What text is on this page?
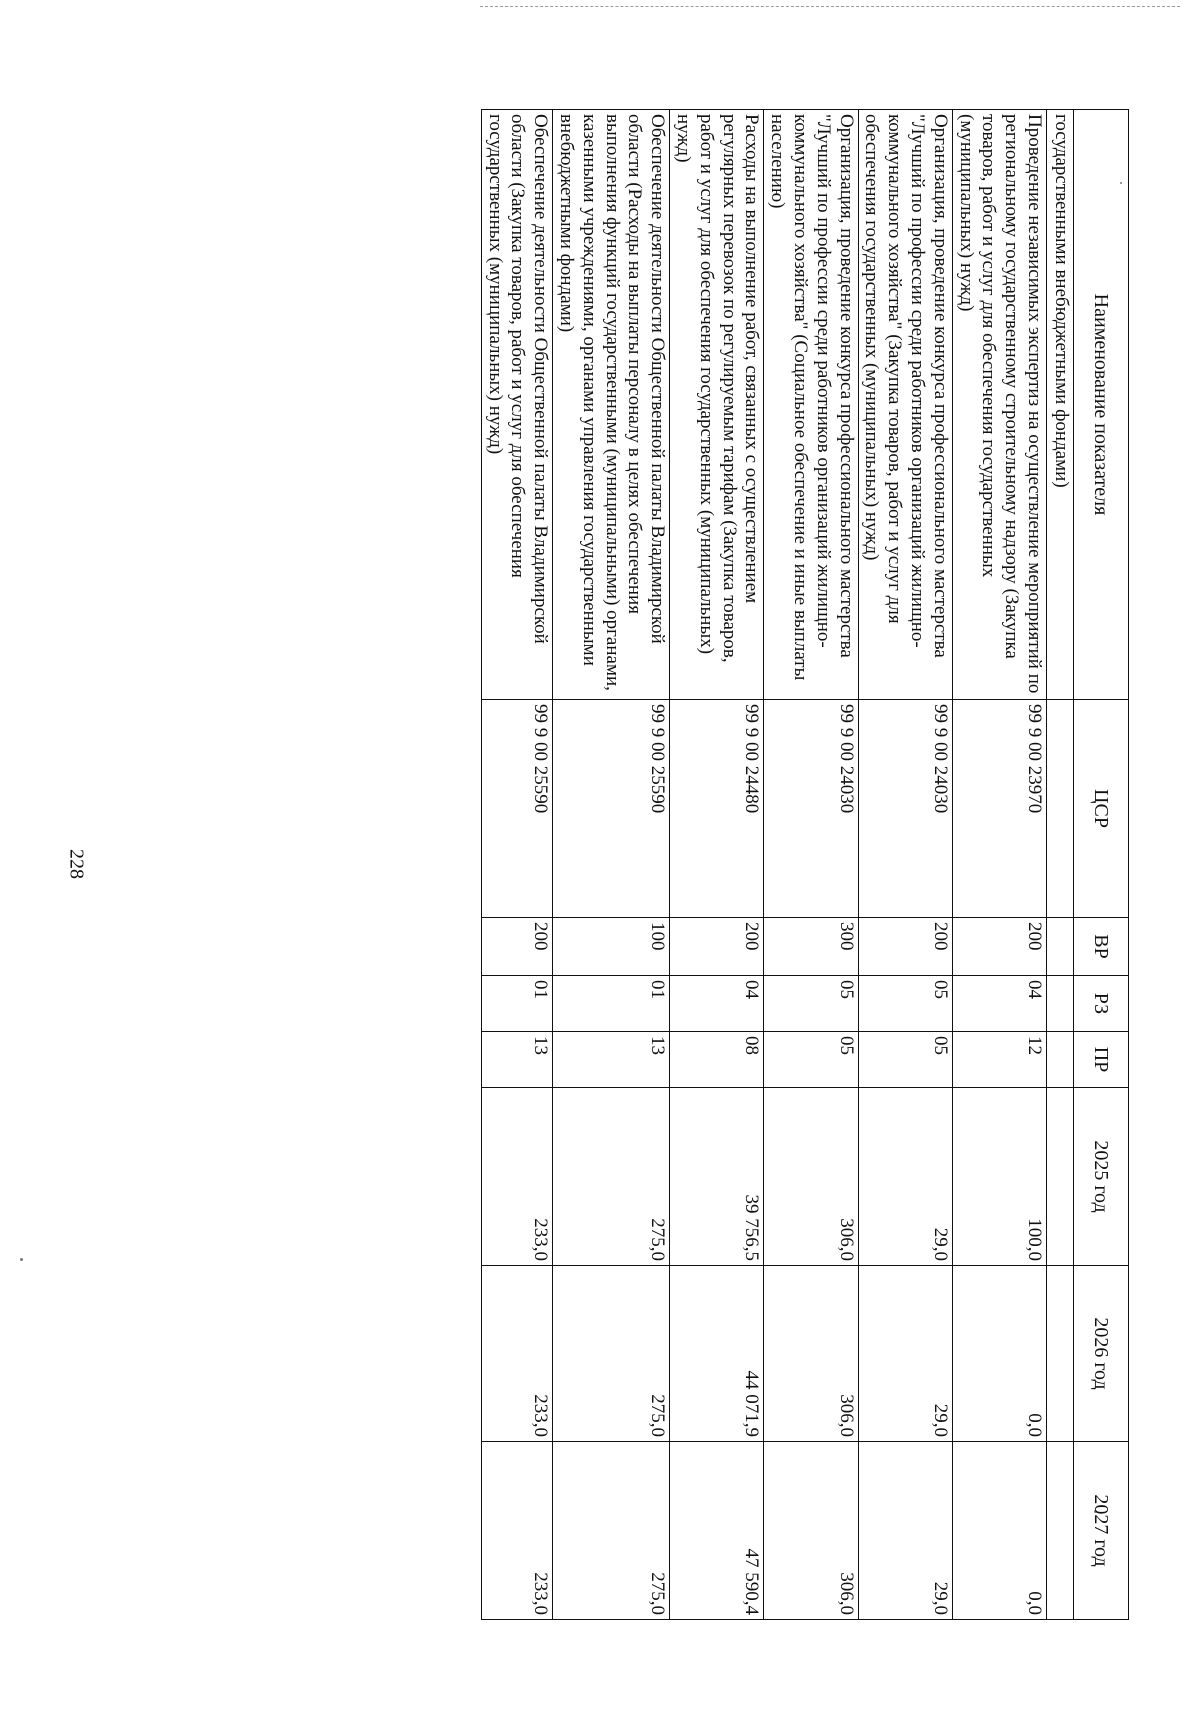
228
Наименование показателя	ЦСР	ВР	РЗ	ПР	2025 год	2026 год	2027 год
государственными внебюджетными фондами)							
Проведение независимых экспертиз на осуществление мероприятий по региональному государственному строительному надзору (Закупка товаров, работ и услуг для обеспечения государственных (муниципальных) нужд)	99 9 00 23970	200	04	12	100,0	0,0	0,0
Организация, проведение конкурса профессионального мастерства "Лучший по профессии среди работников организаций жилищно-коммунального хозяйства" (Закупка товаров, работ и услуг для обеспечения государственных (муниципальных) нужд)	99 9 00 24030	200	05	05	29,0	29,0	29,0
Организация, проведение конкурса профессионального мастерства "Лучший по профессии среди работников организаций жилищно-коммунального хозяйства" (Социальное обеспечение и иные выплаты населению)	99 9 00 24030	300	05	05	306,0	306,0	306,0
Расходы на выполнение работ, связанных с осуществлением регулярных перевозок по регулируемым тарифам (Закупка товаров, работ и услуг для обеспечения государственных (муниципальных) нужд)	99 9 00 24480	200	04	08	39 756,5	44 071,9	47 590,4
Обеспечение деятельности Общественной палаты Владимирской области (Расходы на выплаты персоналу в целях обеспечения выполнения функций государственными (муниципальными) органами, казенными учреждениями, органами управления государственными внебюджетными фондами)	99 9 00 25590	100	01	13	275,0	275,0	275,0
Обеспечение деятельности Общественной палаты Владимирской области (Закупка товаров, работ и услуг для обеспечения государственных (муниципальных) нужд)	99 9 00 25590	200	01	13	233,0	233,0	233,0
